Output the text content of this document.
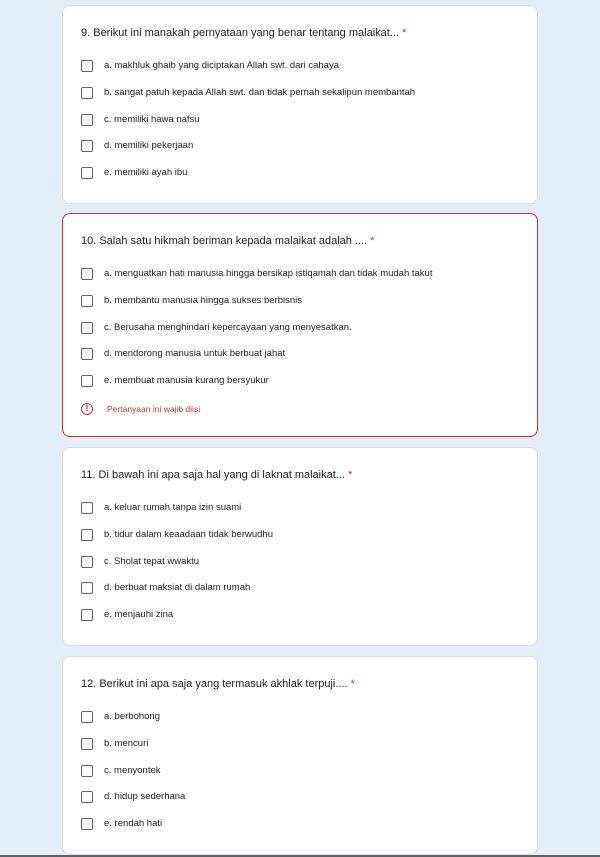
9. Berikut ini manakah pernyataan yang benar tentang malaikat... *
a. makhluk ghaib yang diciptakan Allah swt. dari cahaya
b. sangat patuh kepada Allah swt. dan tidak pernah sekalipun membantah
c. memiliki hawa nafsu
d. memiliki pekerjaan
e. memiliki ayah ibu
10. Salah satu hikmah beriman kepada malaikat adalah .... *
a. menguatkan hati manusia hingga bersikap istiqamah dan tidak mudah takut
b. membantu manusia hingga sukses berbisnis
c. Berusaha menghindari kepercayaan yang menyesatkan.
d. mendorong manusia untuk berbuat jahat
e. membuat manusia kurang bersyukur
!	Pertanyaan ini wajib diisi
11. Di bawah ini apa saja hal yang di laknat malaikat... *
a. keluar rumah tanpa izin suami
b. tidur dalam keaadaan tidak berwudhu
c. Sholat tepat wwaktu
d. berbuat maksiat di dalam rumah
e. menjauhi zina
12. Berikut ini apa saja yang termasuk akhlak terpuji.... *
a. berbohong
b. mencuri
c. menyontek
d. hidup sederhana
e. rendah hati
